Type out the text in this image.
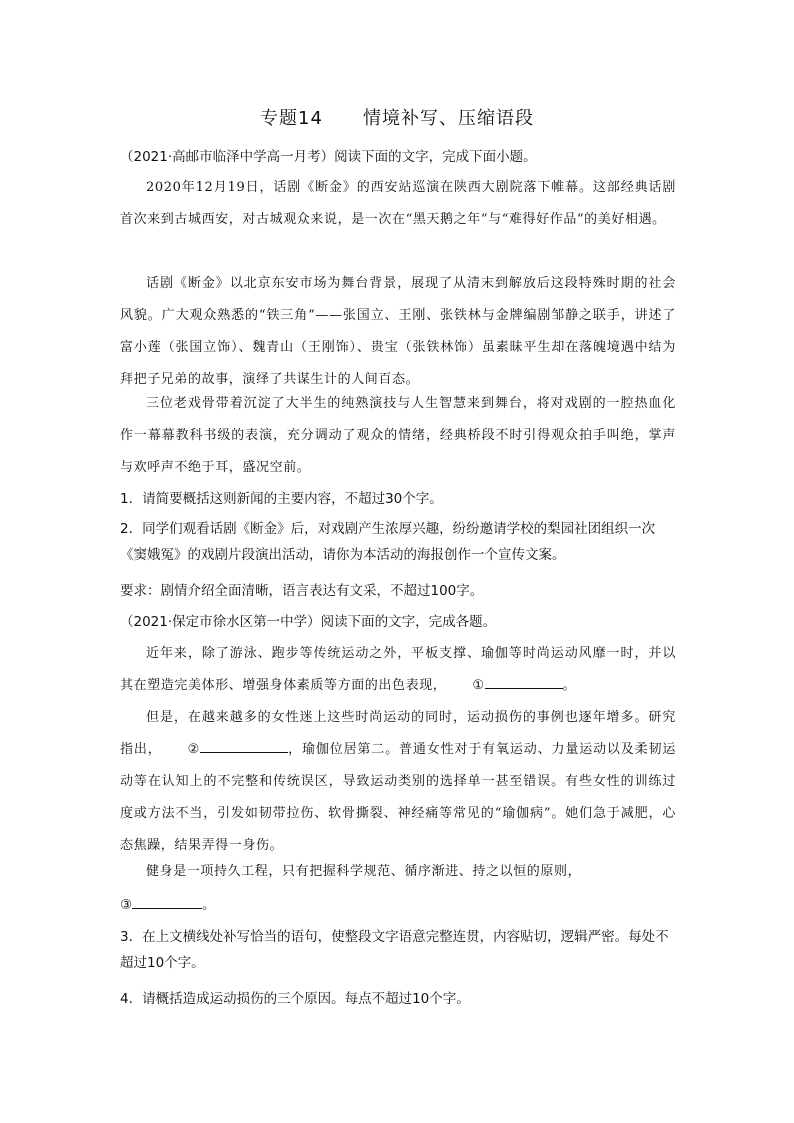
专题14 情境补写、压缩语段
（2021·高邮市临泽中学高一月考）阅读下面的文字，完成下面小题。
2020年12月19日，话剧《断金》的西安站巡演在陕西大剧院落下帷幕。这部经典话剧首次来到古城西安，对古城观众来说，是一次在“黑天鹅之年”与“难得好作品”的美好相遇。
话剧《断金》以北京东安市场为舞台背景，展现了从清末到解放后这段特殊时期的社会风貌。广大观众熟悉的“铁三角”——张国立、王刚、张铁林与金牌编剧邹静之联手，讲述了富小莲（张国立饰）、魏青山（王刚饰）、贵宝（张铁林饰）虽素昧平生却在落魄境遇中结为拜把子兄弟的故事，演绎了共谋生计的人间百态。
三位老戏骨带着沉淀了大半生的纯熟演技与人生智慧来到舞台，将对戏剧的一腔热血化作一幕幕教科书级的表演，充分调动了观众的情绪，经典桥段不时引得观众拍手叫绝，掌声与欢呼声不绝于耳，盛况空前。
1．请简要概括这则新闻的主要内容，不超过30个字。
2．同学们观看话剧《断金》后，对戏剧产生浓厚兴趣，纷纷邀请学校的梨园社团组织一次《窦娥冤》的戏剧片段演出活动，请你为本活动的海报创作一个宣传文案。
要求：剧情介绍全面清晰，语言表达有文采，不超过100字。
（2021·保定市徐水区第一中学）阅读下面的文字，完成各题。
近年来，除了游泳、跑步等传统运动之外，平板支撑、瑜伽等时尚运动风靡一时，并以其在塑造完美体形、增强身体素质等方面的出色表现， ①	。
但是，在越来越多的女性迷上这些时尚运动的同时，运动损伤的事例也逐年增多。研究指出， ②	，瑜伽位居第二。普通女性对于有氧运动、力量运动以及柔韧运动等在认知上的不完整和传统误区，导致运动类别的选择单一甚至错误。有些女性的训练过度或方法不当，引发如韧带拉伤、软骨撕裂、神经痛等常见的“瑜伽病”。她们急于减肥，心态焦躁，结果弄得一身伤。
健身是一项持久工程，只有把握科学规范、循序渐进、持之以恒的原则，
③	。
3．在上文横线处补写恰当的语句，使整段文字语意完整连贯，内容贴切，逻辑严密。每处不超过10个字。
4．请概括造成运动损伤的三个原因。每点不超过10个字。
